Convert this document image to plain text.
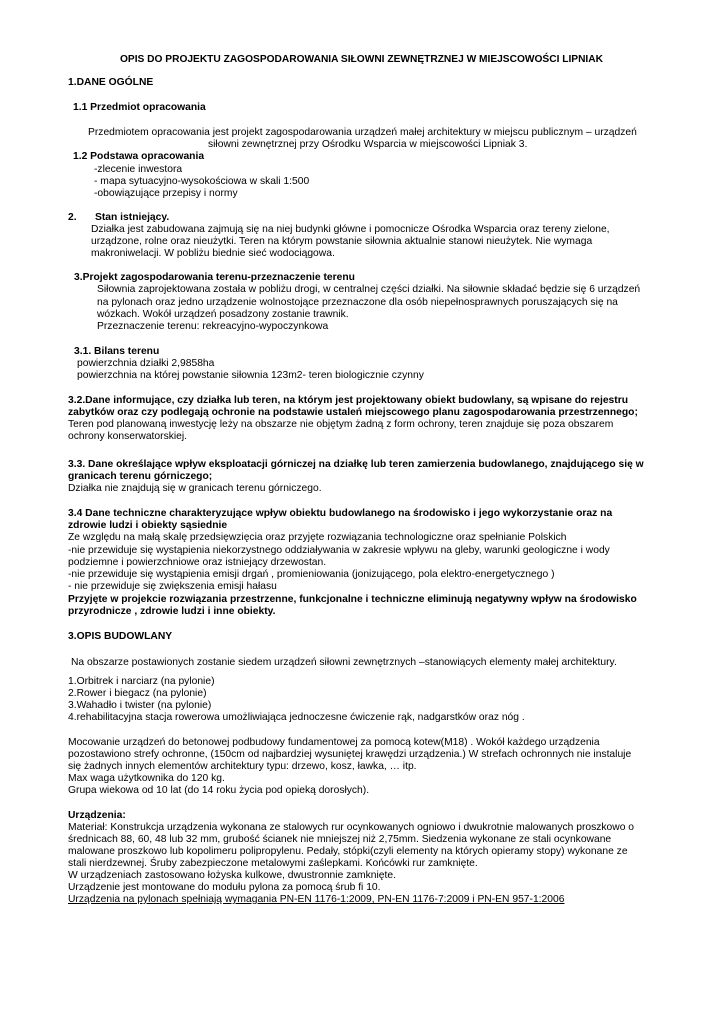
OPIS DO PROJEKTU ZAGOSPODAROWANIA SIŁOWNI ZEWNĘTRZNEJ W MIEJSCOWOŚCI LIPNIAK
1.DANE OGÓLNE
1.1 Przedmiot opracowania
Przedmiotem opracowania jest projekt zagospodarowania urządzeń małej architektury w miejscu publicznym – urządzeń
siłowni zewnętrznej przy Ośrodku Wsparcia w miejscowości Lipniak 3.
1.2 Podstawa opracowania
-zlecenie inwestora
- mapa sytuacyjno-wysokościowa w skali 1:500
-obowiązujące przepisy i normy
2. Stan istniejący.
Działka jest zabudowana zajmują się na niej budynki główne i pomocnicze Ośrodka Wsparcia oraz tereny zielone,
urządzone, rolne oraz nieużytki. Teren na którym powstanie siłownia aktualnie stanowi nieużytek. Nie wymaga
makroniwelacji. W pobliżu biednie sieć wodociągowa.
3.Projekt zagospodarowania terenu-przeznaczenie terenu
Siłownia zaprojektowana została w pobliżu drogi, w centralnej części działki. Na siłownie składać będzie się 6 urządzeń
na pylonach oraz jedno urządzenie wolnostojące przeznaczone dla osób niepełnosprawnych poruszających się na
wózkach. Wokół urządzeń posadzony zostanie trawnik.
Przeznaczenie terenu: rekreacyjno-wypoczynkowa
3.1. Bilans terenu
powierzchnia działki 2,9858ha
powierzchnia na której powstanie siłownia 123m2- teren biologicznie czynny
3.2.Dane informujące, czy działka lub teren, na którym jest projektowany obiekt budowlany, są wpisane do rejestru
zabytków oraz czy podlegają ochronie na podstawie ustaleń miejscowego planu zagospodarowania przestrzennego;
Teren pod planowaną inwestycję leży na obszarze nie objętym żadną z form ochrony, teren znajduje się poza obszarem
ochrony konserwatorskiej.
3.3. Dane określające wpływ eksploatacji górniczej na działkę lub teren zamierzenia budowlanego, znajdującego się w
granicach terenu górniczego;
Działka nie znajdują się w granicach terenu górniczego.
3.4 Dane techniczne charakteryzujące wpływ obiektu budowlanego na środowisko i jego wykorzystanie oraz na
zdrowie ludzi i obiekty sąsiednie
Ze względu na małą skalę przedsięwzięcia oraz przyjęte rozwiązania technologiczne oraz spełnianie Polskich
-nie przewiduje się wystąpienia niekorzystnego oddziaływania w zakresie wpływu na gleby, warunki geologiczne i wody
podziemne i powierzchniowe oraz istniejący drzewostan.
-nie przewiduje się wystąpienia emisji drgań , promieniowania (jonizującego, pola elektro-energetycznego )
- nie przewiduje się zwiększenia emisji hałasu
Przyjęte w projekcie rozwiązania przestrzenne, funkcjonalne i techniczne eliminują negatywny wpływ na środowisko
przyrodnicze , zdrowie ludzi i inne obiekty.
3.OPIS BUDOWLANY
Na obszarze postawionych zostanie siedem urządzeń siłowni zewnętrznych –stanowiących elementy małej architektury.
1.Orbitrek i narciarz (na pylonie)
2.Rower i biegacz (na pylonie)
3.Wahadło i twister (na pylonie)
4.rehabilitacyjna stacja rowerowa umożliwiająca jednoczesne ćwiczenie rąk, nadgarstków oraz nóg .
Mocowanie urządzeń do betonowej podbudowy fundamentowej za pomocą kotew(M18) . Wokół każdego urządzenia
pozostawiono strefy ochronne, (150cm od najbardziej wysuniętej krawędzi urządzenia.) W strefach ochronnych nie instaluje
się żadnych innych elementów architektury typu: drzewo, kosz, ławka, … itp.
Max waga użytkownika do 120 kg.
Grupa wiekowa od 10 lat (do 14 roku życia pod opieką dorosłych).
Urządzenia:
Materiał: Konstrukcja urządzenia wykonana ze stalowych rur ocynkowanych ogniowo i dwukrotnie malowanych proszkowo o
średnicach 88, 60, 48 lub 32 mm, grubość ścianek nie mniejszej niż 2,75mm. Siedzenia wykonane ze stali ocynkowane
malowane proszkowo lub kopolimeru polipropylenu. Pedały, stópki(czyli elementy na których opieramy stopy) wykonane ze
stali nierdzewnej. Śruby zabezpieczone metalowymi zaślepkami. Końcówki rur zamknięte.
W urządzeniach zastosowano łożyska kulkowe, dwustronnie zamknięte.
Urządzenie jest montowane do modułu pylona za pomocą śrub fi 10.
Urządzenia na pylonach spełniają wymagania PN-EN 1176-1:2009, PN-EN 1176-7:2009 i PN-EN 957-1:2006
